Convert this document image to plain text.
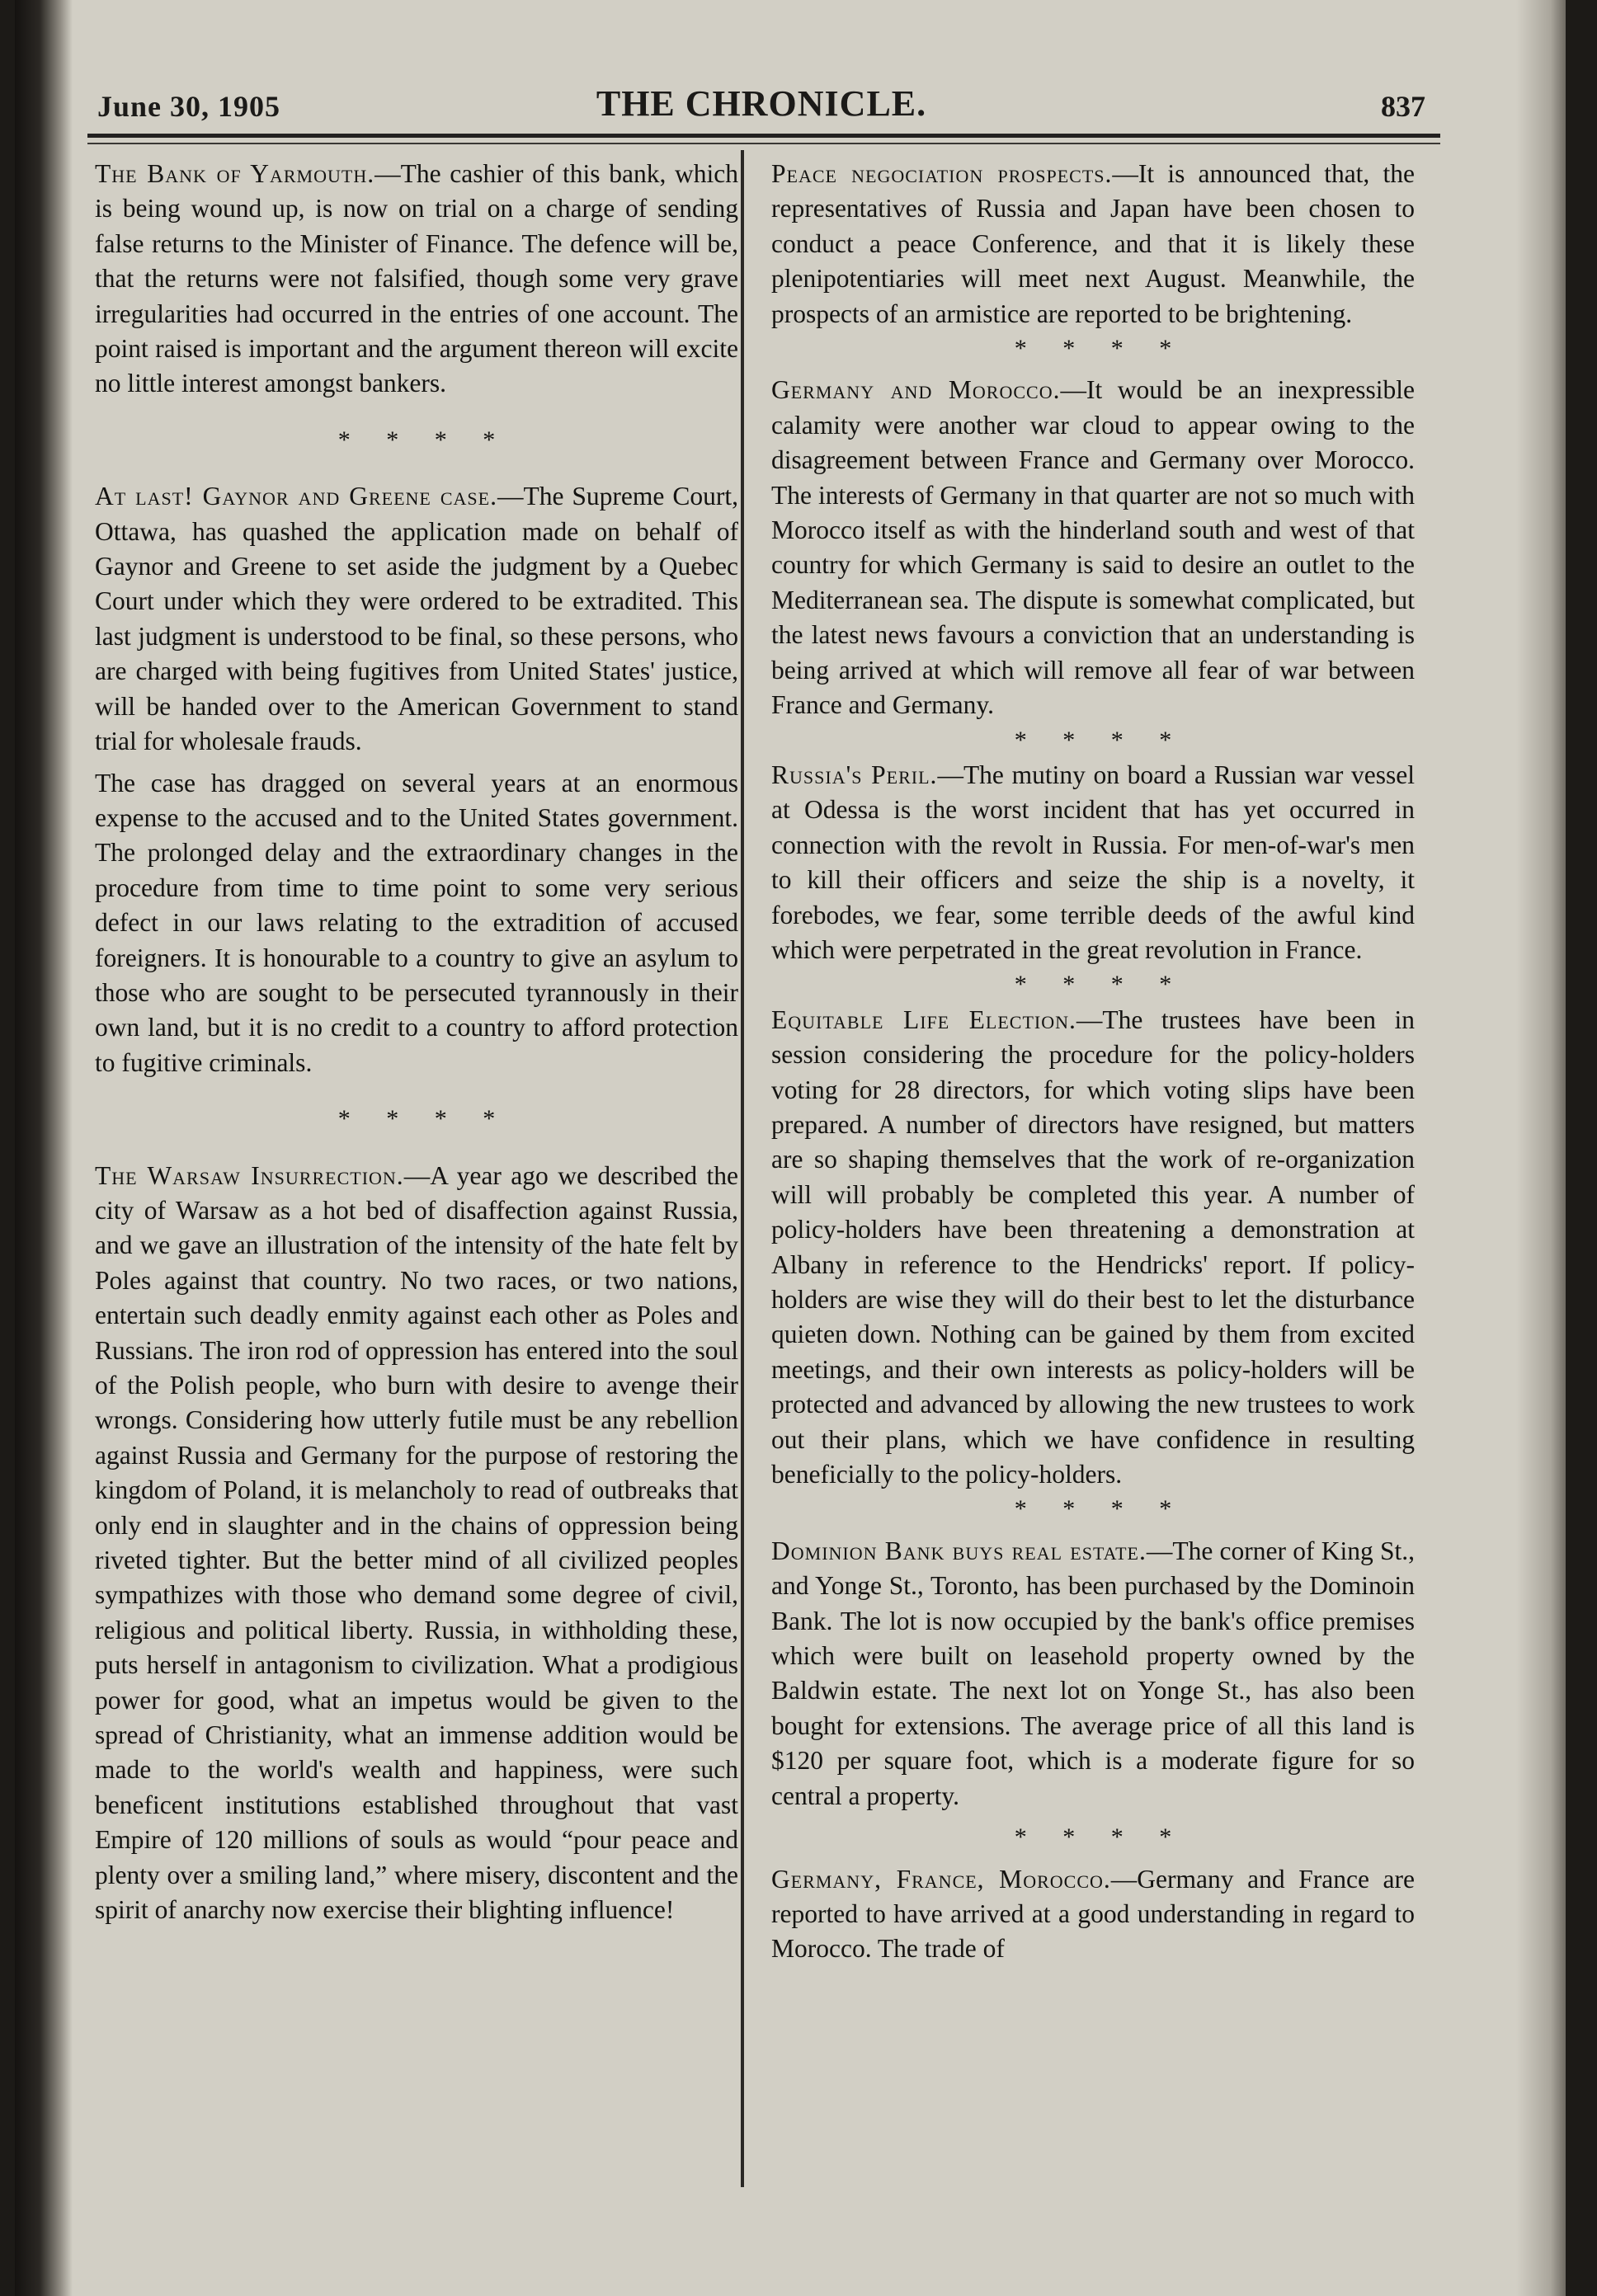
June 30, 1905	THE CHRONICLE.	837

The Bank of Yarmouth.—The cashier of this bank, which is being wound up, is now on trial on a charge of sending false returns to the Minister of Finance. The defence will be, that the returns were not falsified, though some very grave irregularities had occurred in the entries of one account. The point raised is important and the argument thereon will excite no little interest amongst bankers.

* * * *

At last! Gaynor and Greene case.—The Supreme Court, Ottawa, has quashed the application made on behalf of Gaynor and Greene to set aside the judgment by a Quebec Court under which they were ordered to be extradited. This last judgment is understood to be final, so these persons, who are charged with being fugitives from United States' justice, will be handed over to the American Government to stand trial for wholesale frauds.

The case has dragged on several years at an enormous expense to the accused and to the United States government. The prolonged delay and the extraordinary changes in the procedure from time to time point to some very serious defect in our laws relating to the extradition of accused foreigners. It is honourable to a country to give an asylum to those who are sought to be persecuted tyrannously in their own land, but it is no credit to a country to afford protection to fugitive criminals.

* * * *

The Warsaw Insurrection.—A year ago we described the city of Warsaw as a hot bed of disaffection against Russia, and we gave an illustration of the intensity of the hate felt by Poles against that country. No two races, or two nations, entertain such deadly enmity against each other as Poles and Russians. The iron rod of oppression has entered into the soul of the Polish people, who burn with desire to avenge their wrongs. Considering how utterly futile must be any rebellion against Russia and Germany for the purpose of restoring the kingdom of Poland, it is melancholy to read of outbreaks that only end in slaughter and in the chains of oppression being riveted tighter. But the better mind of all civilized peoples sympathizes with those who demand some degree of civil, religious and political liberty. Russia, in withholding these, puts herself in antagonism to civilization. What a prodigious power for good, what an impetus would be given to the spread of Christianity, what an immense addition would be made to the world's wealth and happiness, were such beneficent institutions established throughout that vast Empire of 120 millions of souls as would “pour peace and plenty over a smiling land,” where misery, discontent and the spirit of anarchy now exercise their blighting influence!

Peace negociation prospects.—It is announced that, the representatives of Russia and Japan have been chosen to conduct a peace Conference, and that it is likely these plenipotentiaries will meet next August. Meanwhile, the prospects of an armistice are reported to be brightening.

* * * *

Germany and Morocco.—It would be an inexpressible calamity were another war cloud to appear owing to the disagreement between France and Germany over Morocco. The interests of Germany in that quarter are not so much with Morocco itself as with the hinderland south and west of that country for which Germany is said to desire an outlet to the Mediterranean sea. The dispute is somewhat complicated, but the latest news favours a conviction that an understanding is being arrived at which will remove all fear of war between France and Germany.

* * * *

Russia's Peril.—The mutiny on board a Russian war vessel at Odessa is the worst incident that has yet occurred in connection with the revolt in Russia. For men-of-war's men to kill their officers and seize the ship is a novelty, it forebodes, we fear, some terrible deeds of the awful kind which were perpetrated in the great revolution in France.

* * * *

Equitable Life Election.—The trustees have been in session considering the procedure for the policy-holders voting for 28 directors, for which voting slips have been prepared. A number of directors have resigned, but matters are so shaping themselves that the work of re-organization will will probably be completed this year. A number of policy-holders have been threatening a demonstration at Albany in reference to the Hendricks' report. If policy-holders are wise they will do their best to let the disturbance quieten down. Nothing can be gained by them from excited meetings, and their own interests as policy-holders will be protected and advanced by allowing the new trustees to work out their plans, which we have confidence in resulting beneficially to the policy-holders.

* * * *

Dominion Bank buys real estate.—The corner of King St., and Yonge St., Toronto, has been purchased by the Dominoin Bank. The lot is now occupied by the bank's office premises which were built on leasehold property owned by the Baldwin estate. The next lot on Yonge St., has also been bought for extensions. The average price of all this land is $120 per square foot, which is a moderate figure for so central a property.

* * * *

Germany, France, Morocco.—Germany and France are reported to have arrived at a good understanding in regard to Morocco. The trade of
